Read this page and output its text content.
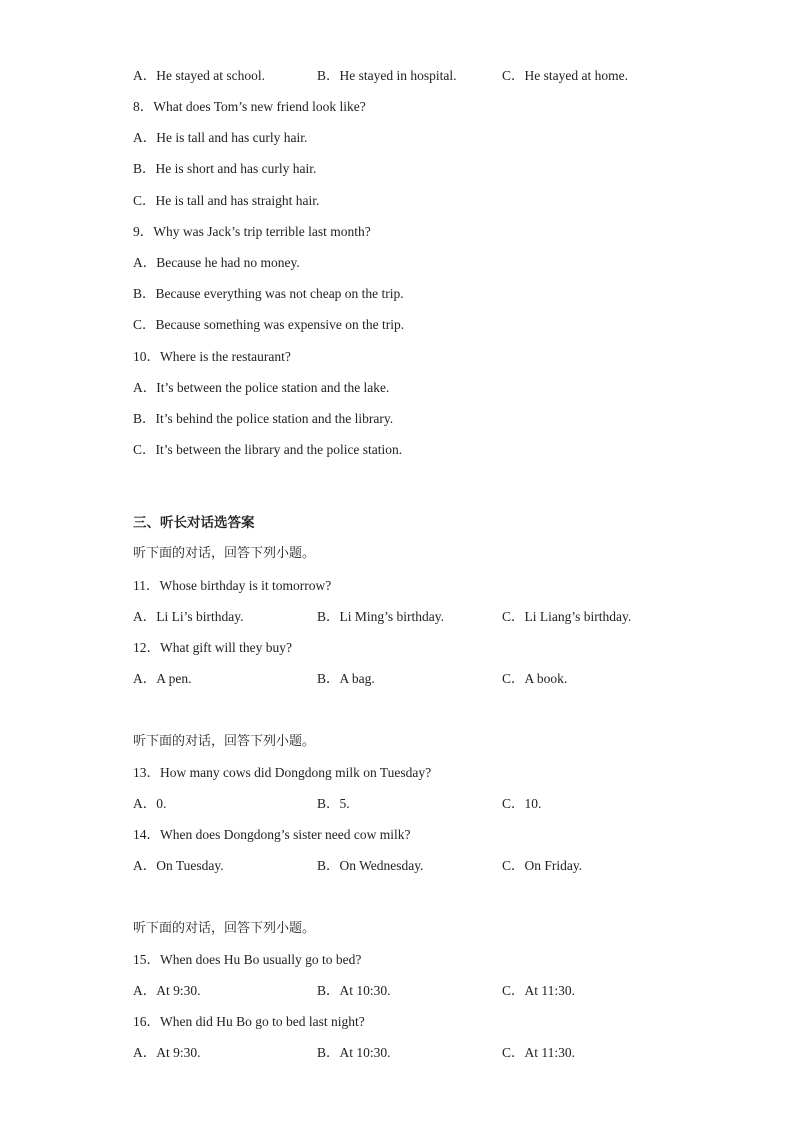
A．He stayed at school.	B．He stayed in hospital.	C．He stayed at home.
8．What does Tom’s new friend look like?
A．He is tall and has curly hair.
B．He is short and has curly hair.
C．He is tall and has straight hair.
9．Why was Jack’s trip terrible last month?
A．Because he had no money.
B．Because everything was not cheap on the trip.
C．Because something was expensive on the trip.
10．Where is the restaurant?
A．It’s between the police station and the lake.
B．It’s behind the police station and the library.
C．It’s between the library and the police station.
三、听长对话选答案
听下面的对话，回答下列小题。
11．Whose birthday is it tomorrow?
A．Li Li’s birthday.	B．Li Ming’s birthday.	C．Li Liang’s birthday.
12．What gift will they buy?
A．A pen.	B．A bag.	C．A book.
听下面的对话，回答下列小题。
13．How many cows did Dongdong milk on Tuesday?
A．0.	B．5.	C．10.
14．When does Dongdong’s sister need cow milk?
A．On Tuesday.	B．On Wednesday.	C．On Friday.
听下面的对话，回答下列小题。
15．When does Hu Bo usually go to bed?
A．At 9:30.	B．At 10:30.	C．At 11:30.
16．When did Hu Bo go to bed last night?
A．At 9:30.	B．At 10:30.	C．At 11:30.
